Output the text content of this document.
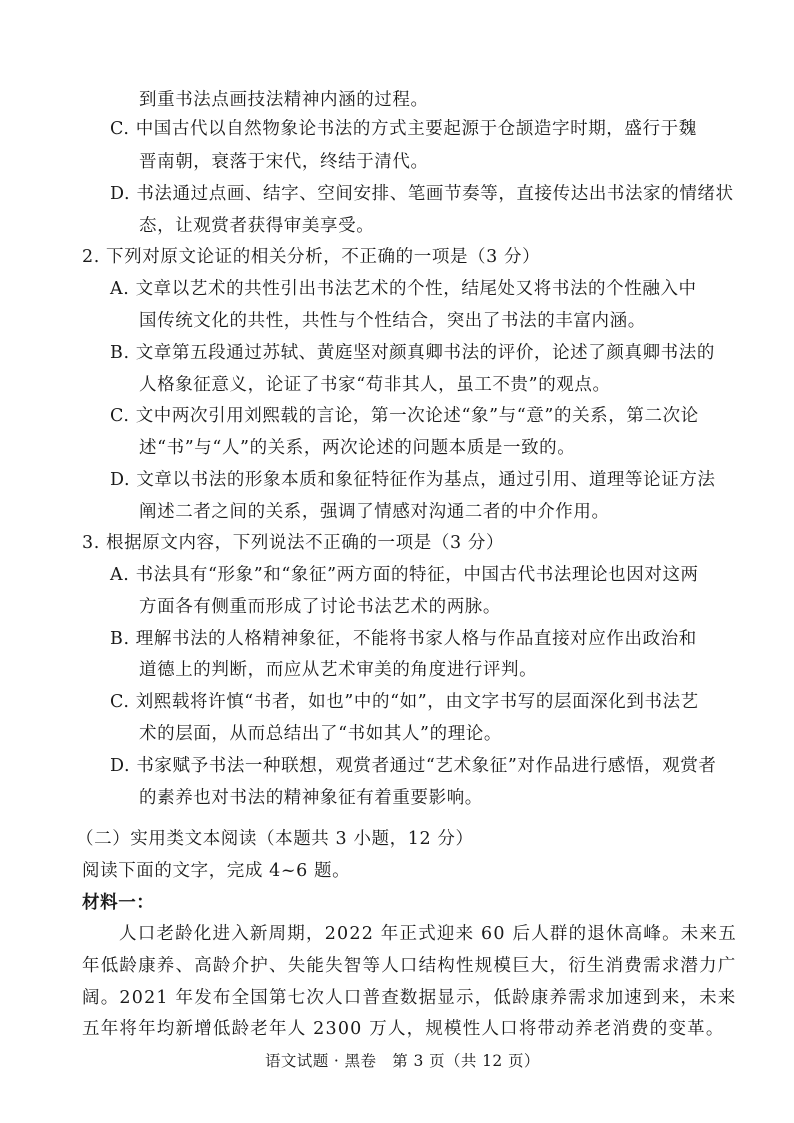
到重书法点画技法精神内涵的过程。
C. 中国古代以自然物象论书法的方式主要起源于仓颉造字时期，盛行于魏
晋南朝，衰落于宋代，终结于清代。
D. 书法通过点画、结字、空间安排、笔画节奏等，直接传达出书法家的情绪状
态，让观赏者获得审美享受。
2. 下列对原文论证的相关分析，不正确的一项是（3 分）
A. 文章以艺术的共性引出书法艺术的个性，结尾处又将书法的个性融入中
国传统文化的共性，共性与个性结合，突出了书法的丰富内涵。
B. 文章第五段通过苏轼、黄庭坚对颜真卿书法的评价，论述了颜真卿书法的
人格象征意义，论证了书家“苟非其人，虽工不贵”的观点。
C. 文中两次引用刘熙载的言论，第一次论述“象”与“意”的关系，第二次论
述“书”与“人”的关系，两次论述的问题本质是一致的。
D. 文章以书法的形象本质和象征特征作为基点，通过引用、道理等论证方法
阐述二者之间的关系，强调了情感对沟通二者的中介作用。
3. 根据原文内容，下列说法不正确的一项是（3 分）
A. 书法具有“形象”和“象征”两方面的特征，中国古代书法理论也因对这两
方面各有侧重而形成了讨论书法艺术的两脉。
B. 理解书法的人格精神象征，不能将书家人格与作品直接对应作出政治和
道德上的判断，而应从艺术审美的角度进行评判。
C. 刘熙载将许慎“书者，如也”中的“如”，由文字书写的层面深化到书法艺
术的层面，从而总结出了“书如其人”的理论。
D. 书家赋予书法一种联想，观赏者通过“艺术象征”对作品进行感悟，观赏者
的素养也对书法的精神象征有着重要影响。
（二）实用类文本阅读（本题共 3 小题，12 分）
阅读下面的文字，完成 4~6 题。
材料一：
人口老龄化进入新周期，2022 年正式迎来 60 后人群的退休高峰。未来五
年低龄康养、高龄介护、失能失智等人口结构性规模巨大，衍生消费需求潜力广
阔。2021 年发布全国第七次人口普查数据显示，低龄康养需求加速到来，未来
五年将年均新增低龄老年人 2300 万人，规模性人口将带动养老消费的变革。
语文试题 · 黑卷　第 3 页（共 12 页）
